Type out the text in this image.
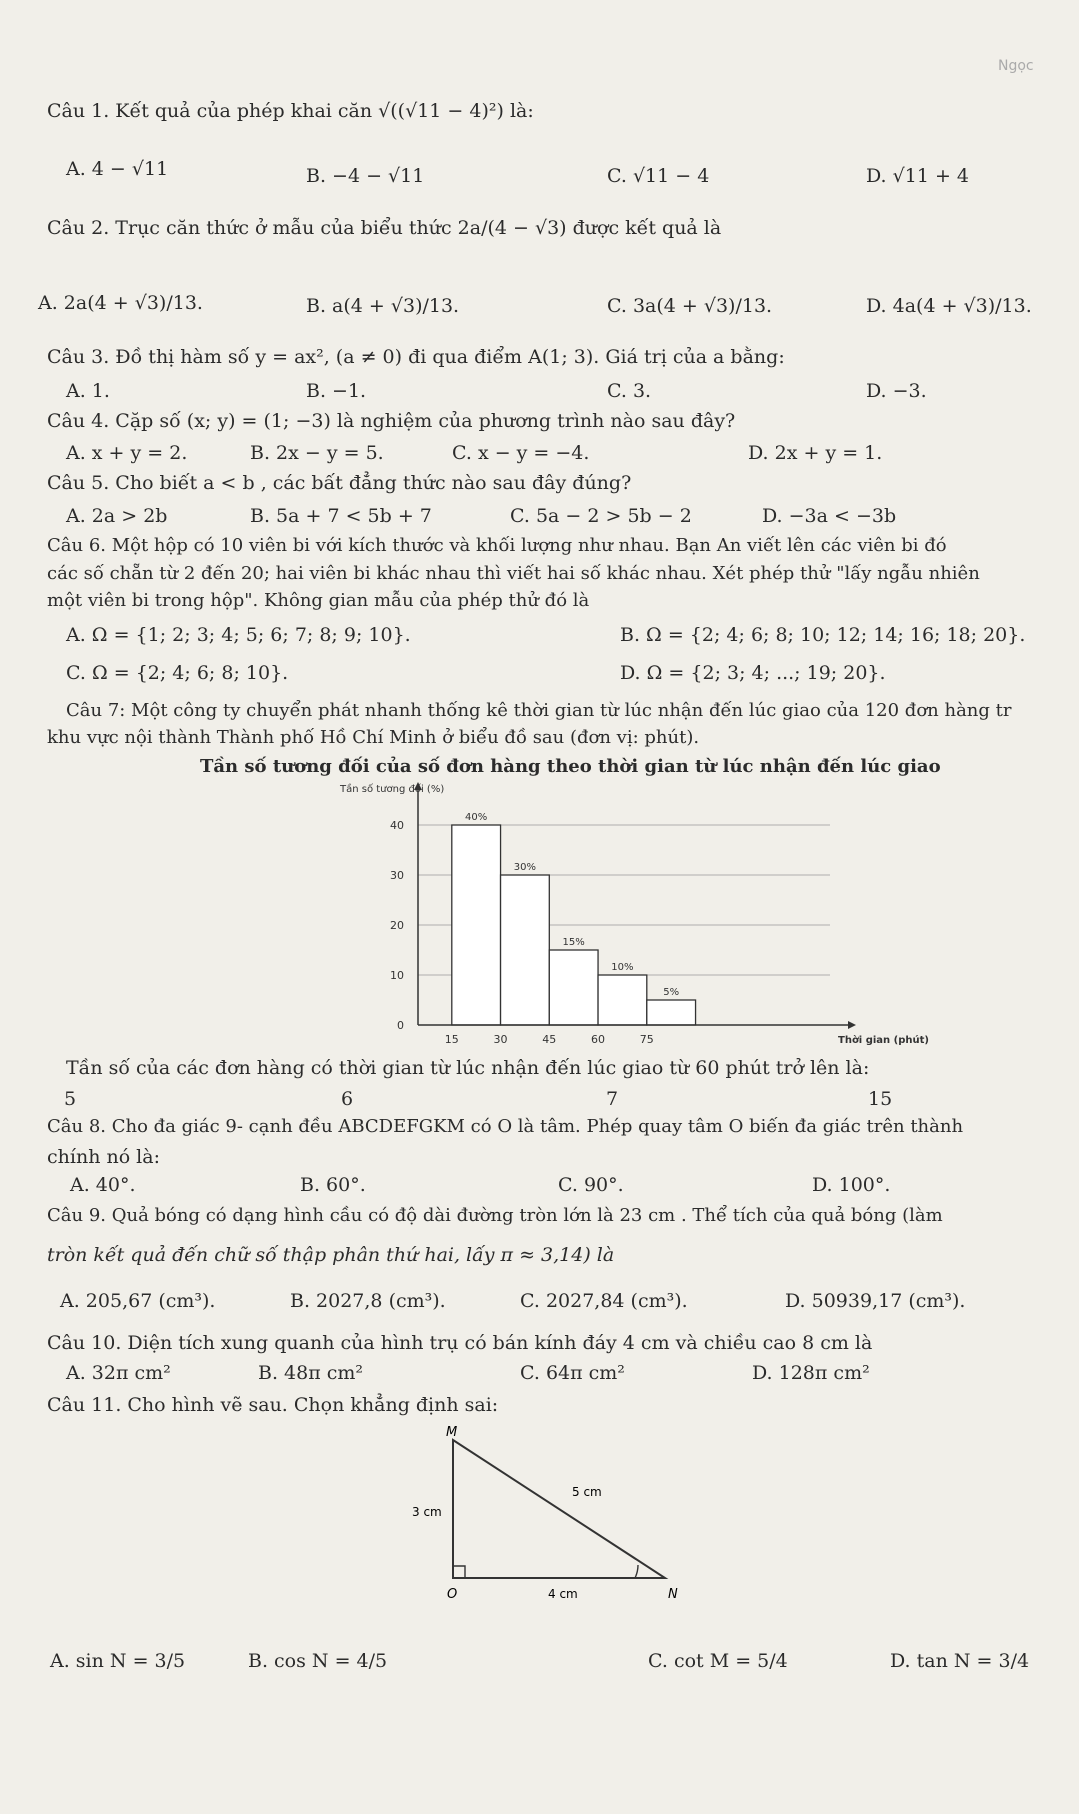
Ngọc
Câu 1. Kết quả của phép khai căn √((√11 − 4)²) là:
A. 4 − √11	B. −4 − √11	C. √11 − 4	D. √11 + 4
Câu 2. Trục căn thức ở mẫu của biểu thức 2a/(4 − √3) được kết quả là
A. 2a(4 + √3)/13.	B. a(4 + √3)/13.	C. 3a(4 + √3)/13.	D. 4a(4 + √3)/13.
Câu 3. Đồ thị hàm số y = ax², (a ≠ 0) đi qua điểm A(1; 3). Giá trị của a bằng:
A. 1.	B. −1.	C. 3.	D. −3.
Câu 4. Cặp số (x; y) = (1; −3) là nghiệm của phương trình nào sau đây?
A. x + y = 2.	B. 2x − y = 5.	C. x − y = −4.	D. 2x + y = 1.
Câu 5. Cho biết a < b , các bất đẳng thức nào sau đây đúng?
A. 2a > 2b	B. 5a + 7 < 5b + 7	C. 5a − 2 > 5b − 2	D. −3a < −3b
Câu 6. Một hộp có 10 viên bi với kích thước và khối lượng như nhau. Bạn An viết lên các viên bi đó
các số chẵn từ 2 đến 20; hai viên bi khác nhau thì viết hai số khác nhau. Xét phép thử "lấy ngẫu nhiên
một viên bi trong hộp". Không gian mẫu của phép thử đó là
A. Ω = {1; 2; 3; 4; 5; 6; 7; 8; 9; 10}.	B. Ω = {2; 4; 6; 8; 10; 12; 14; 16; 18; 20}.
C. Ω = {2; 4; 6; 8; 10}.	D. Ω = {2; 3; 4; ...; 19; 20}.
Câu 7: Một công ty chuyển phát nhanh thống kê thời gian từ lúc nhận đến lúc giao của 120 đơn hàng tr
khu vực nội thành Thành phố Hồ Chí Minh ở biểu đồ sau (đơn vị: phút).
Tần số tương đối của số đơn hàng theo thời gian từ lúc nhận đến lúc giao
40%
30%
15%
10%
5%
0
10
20
30
40
15	30	45	60	75
Tần số tương đối (%)
Thời gian (phút)
Tần số của các đơn hàng có thời gian từ lúc nhận đến lúc giao từ 60 phút trở lên là:
5	6	7	15
Câu 8. Cho đa giác 9- cạnh đều ABCDEFGKM có O là tâm. Phép quay tâm O biến đa giác trên thành
chính nó là:
A. 40°.	B. 60°.	C. 90°.	D. 100°.
Câu 9. Quả bóng có dạng hình cầu có độ dài đường tròn lớn là 23 cm . Thể tích của quả bóng (làm
tròn kết quả đến chữ số thập phân thứ hai, lấy π ≈ 3,14) là
A. 205,67 (cm³).	B. 2027,8 (cm³).	C. 2027,84 (cm³).	D. 50939,17 (cm³).
Câu 10. Diện tích xung quanh của hình trụ có bán kính đáy 4 cm và chiều cao 8 cm là
A. 32π cm²	B. 48π cm²	C. 64π cm²	D. 128π cm²
Câu 11. Cho hình vẽ sau. Chọn khẳng định sai:
M
O	N
5 cm
3 cm
4 cm
A. sin N = 3/5	B. cos N = 4/5	C. cot M = 5/4	D. tan N = 3/4
